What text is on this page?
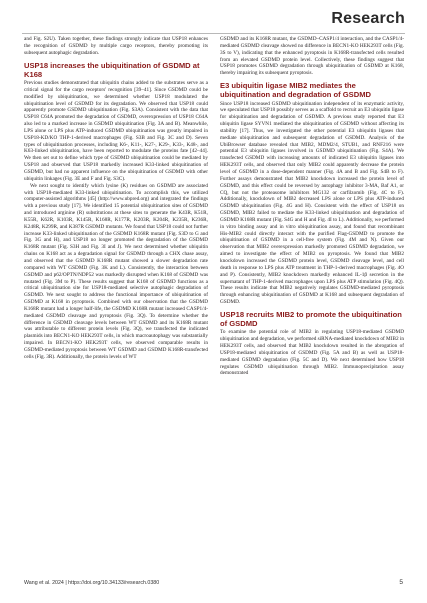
Research

and Fig. S2U). Taken together, these findings strongly indicate that USP18 enhances the recognition of GSDMD by multiple cargo receptors, thereby promoting its subsequent autophagic degradation.

USP18 increases the ubiquitination of GSDMD at K168

Previous studies demonstrated that ubiquitin chains added to the substrates serve as a critical signal for the cargo receptors' recognition [39–41]. Since GSDMD could be modified by ubiquitination, we determined whether USP18 modulated the ubiquitination level of GSDMD for its degradation. We observed that USP18 could apparently promote GSDMD ubiquitination (Fig. S3A). Consistent with the data that USP18 C64A promoted the degradation of GSDMD, overexpression of USP18 C64A also led to a marked increase in GSDMD ubiquitination (Fig. 3A and B). Meanwhile, LPS alone or LPS plus ATP-induced GSDMD ubiquitination was greatly impaired in USP18-KD/KO THP-1-derived macrophages (Fig. S3B and Fig. 3C and D). Seven types of ubiquitination processes, including K6-, K11-, K27-, K29-, K33-, K48-, and K63-linked ubiquitination, have been reported to modulate the proteins fate [42–44]. We then set out to define which type of GSDMD ubiquitination could be mediated by USP18 and observed that USP18 markedly increased K33-linked ubiquitination of GSDMD, but had no apparent influence on the ubiquitination of GSDMD with other ubiquitin linkages (Fig. 3E and F and Fig. S3C).

We next sought to identify which lysine (K) residues on GSDMD are associated with USP18-mediated K33-linked ubiquitination. To accomplish this, we utilized computer-assisted algorithms [45] (http://www.ubpred.org) and integrated the findings with a previous study [17]. We identified 15 potential ubiquitination sites of GSDMD and introduced arginine (R) substitutions at these sites to generate the K43R, K51R, K55R, K62R, K103R, K145R, K168R, K177R, K203R, K204R, K235R, K236R, K248R, K299R, and K387R GSDMD mutants. We found that USP18 could not further increase K33-linked ubiquitination of the GSDMD K168R mutant (Fig. S3D to G and Fig. 3G and H), and USP18 no longer promoted the degradation of the GSDMD K168R mutant (Fig. S3H and Fig. 3I and J). We next determined whether ubiquitin chains on K168 act as a degradation signal for GSDMD through a CHX chase assay, and observed that the GSDMD K168R mutant showed a slower degradation rate compared with WT GSDMD (Fig. 3K and L). Consistently, the interaction between GSDMD and p62/OPTN/NDP52 was markedly disrupted when K168 of GSDMD was mutated (Fig. 3M to P). These results suggest that K168 of GSDMD functions as a critical ubiquitination site for USP18-mediated selective autophagic degradation of GSDMD. We next sought to address the functional importance of ubiquitination of GSDMD at K168 in pyroptosis. Combined with our observation that the GSDMD K168R mutant had a longer half-life, the GSDMD K168R mutant increased CASP1/4-mediated GSDMD cleavage and pyroptosis (Fig. 3Q). To determine whether the difference in GSDMD cleavage levels between WT GSDMD and its K168R mutant was attributable to different protein levels (Fig. 3Q), we transfected the indicated plasmids into BECN1-KO HEK293T cells, in which macroautophagy was substantially impaired. In BECN1-KO HEK293T cells, we observed comparable results in GSDMD-mediated pyroptosis between WT GSDMD and GSDMD K168R-transfected cells (Fig. 3R). Additionally, the protein levels of WT

GSDMD and its K168R mutant, the GSDMD–CASP1/4 interaction, and the CASP1/4-mediated GSDMD cleavage showed no difference in BECN1-KO HEK293T cells (Fig. 3S to V), indicating that the enhanced pyroptosis in K168R-transfected cells resulted from an elevated GSDMD protein level. Collectively, these findings suggest that USP18 promotes GSDMD degradation through ubiquitination of GSDMD at K168, thereby impairing its subsequent pyroptosis.

E3 ubiquitin ligase MIB2 mediates the ubiquitination and degradation of GSDMD

Since USP18 increased GSDMD ubiquitination independent of its enzymatic activity, we speculated that USP18 possibly serves as a scaffold to recruit an E3 ubiquitin ligase for ubiquitination and degradation of GSDMD. A previous study reported that E3 ubiquitin ligase SYVN1 mediated the ubiquitination of GSDMD without affecting its stability [17]. Thus, we investigated the other potential E3 ubiquitin ligases that mediate ubiquitination and subsequent degradation of GSDMD. Analysis of the UbiBrowser database revealed that MIB2, MDM2/4, STUB1, and RNF216 were potential E3 ubiquitin ligases involved in GSDMD ubiquitination (Fig. S4A). We transfected GSDMD with increasing amounts of indicated E3 ubiquitin ligases into HEK293T cells, and observed that only MIB2 could apparently decrease the protein level of GSDMD in a dose-dependent manner (Fig. 4A and B and Fig. S4B to F). Further assays demonstrated that MIB2 knockdown increased the protein level of GSDMD, and this effect could be reversed by autophagy inhibitor 3-MA, Baf A1, or CQ, but not the proteasome inhibitors MG132 or carfilzomib (Fig. 4C to F). Additionally, knockdown of MIB2 decreased LPS alone or LPS plus ATP-induced GSDMD ubiquitination (Fig. 4G and H). Consistent with the effect of USP18 on GSDMD, MIB2 failed to mediate the K33-linked ubiquitination and degradation of GSDMD K168R mutant (Fig. S4G and H and Fig. 4I to L). Additionally, we performed in vitro binding assay and in vitro ubiquitination assay, and found that recombinant His-MIB2 could directly interact with the purified Flag-GSDMD to promote the ubiquitination of GSDMD in a cell-free system (Fig. 4M and N). Given our observation that MIB2 overexpression markedly promoted GSDMD degradation, we aimed to investigate the effect of MIB2 on pyroptosis. We found that MIB2 knockdown increased the GSDMD protein level, GSDMD cleavage level, and cell death in response to LPS plus ATP treatment in THP-1-derived macrophages (Fig. 4O and P). Consistently, MIB2 knockdown markedly enhanced IL-1β secretion in the supernatant of THP-1-derived macrophages upon LPS plus ATP stimulation (Fig. 4Q). These results indicate that MIB2 negatively regulates GSDMD-mediated pyroptosis through enhancing ubiquitination of GSDMD at K168 and subsequent degradation of GSDMD.

USP18 recruits MIB2 to promote the ubiquitination of GSDMD

To examine the potential role of MIB2 in regulating USP18-mediated GSDMD ubiquitination and degradation, we performed siRNA-mediated knockdown of MIB2 in HEK293T cells, and observed that MIB2 knockdown resulted in the abrogation of USP18-mediated ubiquitination of GSDMD (Fig. 5A and B) as well as USP18-mediated GSDMD degradation (Fig. 5C and D). We next determined how USP18 regulates GSDMD ubiquitination through MIB2. Immunoprecipitation assay demonstrated

Wang et al. 2024 | https://doi.org/10.34133/research.0380	5
